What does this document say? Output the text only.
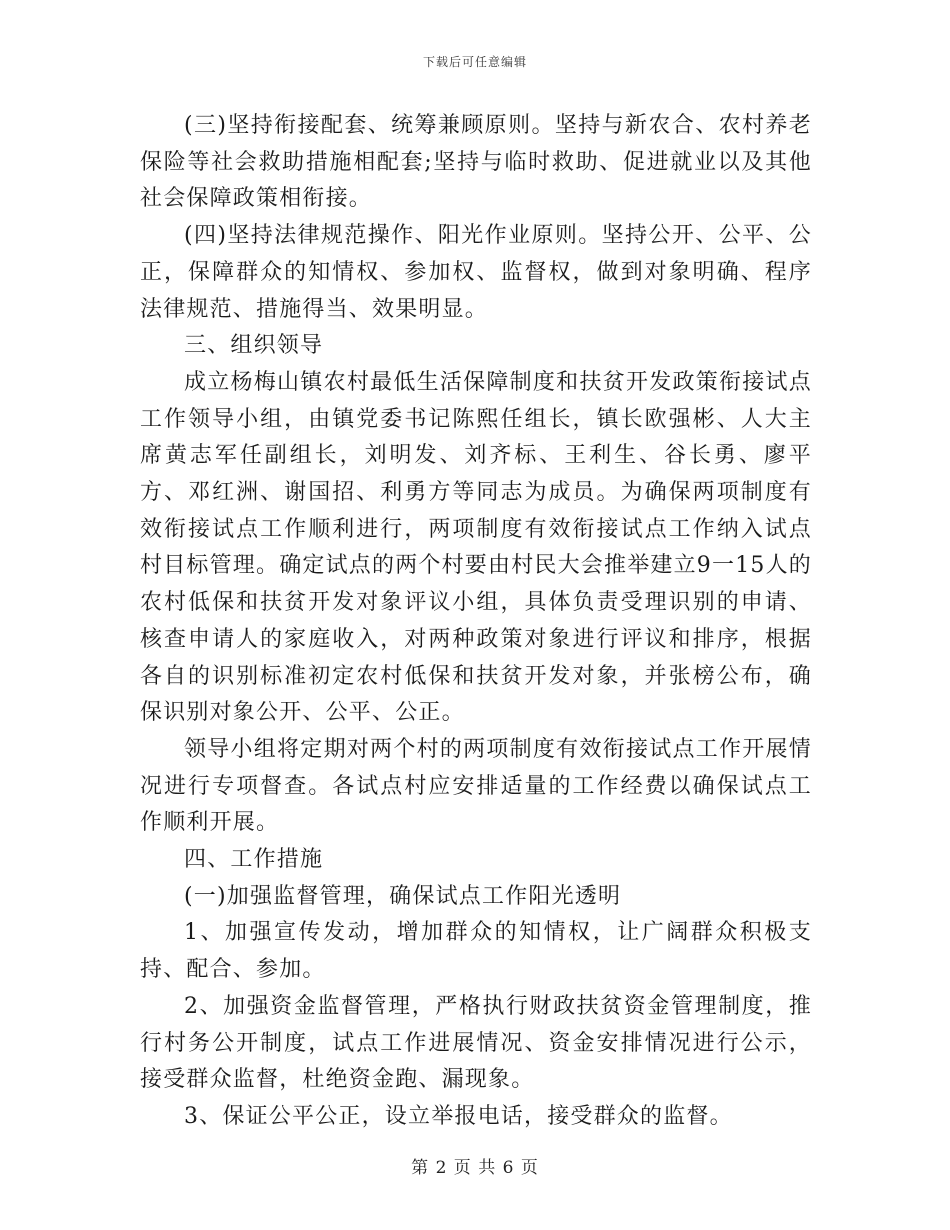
下载后可任意编辑

(三)坚持衔接配套、统筹兼顾原则。坚持与新农合、农村养老保险等社会救助措施相配套;坚持与临时救助、促进就业以及其他社会保障政策相衔接。

(四)坚持法律规范操作、阳光作业原则。坚持公开、公平、公正，保障群众的知情权、参加权、监督权，做到对象明确、程序法律规范、措施得当、效果明显。

三、组织领导

成立杨梅山镇农村最低生活保障制度和扶贫开发政策衔接试点工作领导小组，由镇党委书记陈熙任组长，镇长欧强彬、人大主席黄志军任副组长，刘明发、刘齐标、王利生、谷长勇、廖平方、邓红洲、谢国招、利勇方等同志为成员。为确保两项制度有效衔接试点工作顺利进行，两项制度有效衔接试点工作纳入试点村目标管理。确定试点的两个村要由村民大会推举建立9一15人的农村低保和扶贫开发对象评议小组，具体负责受理识别的申请、核查申请人的家庭收入，对两种政策对象进行评议和排序，根据各自的识别标准初定农村低保和扶贫开发对象，并张榜公布，确保识别对象公开、公平、公正。

领导小组将定期对两个村的两项制度有效衔接试点工作开展情况进行专项督查。各试点村应安排适量的工作经费以确保试点工作顺利开展。

四、工作措施

(一)加强监督管理，确保试点工作阳光透明

1、加强宣传发动，增加群众的知情权，让广阔群众积极支持、配合、参加。

2、加强资金监督管理，严格执行财政扶贫资金管理制度，推行村务公开制度，试点工作进展情况、资金安排情况进行公示，接受群众监督，杜绝资金跑、漏现象。

3、保证公平公正，设立举报电话，接受群众的监督。

第 2 页 共 6 页
